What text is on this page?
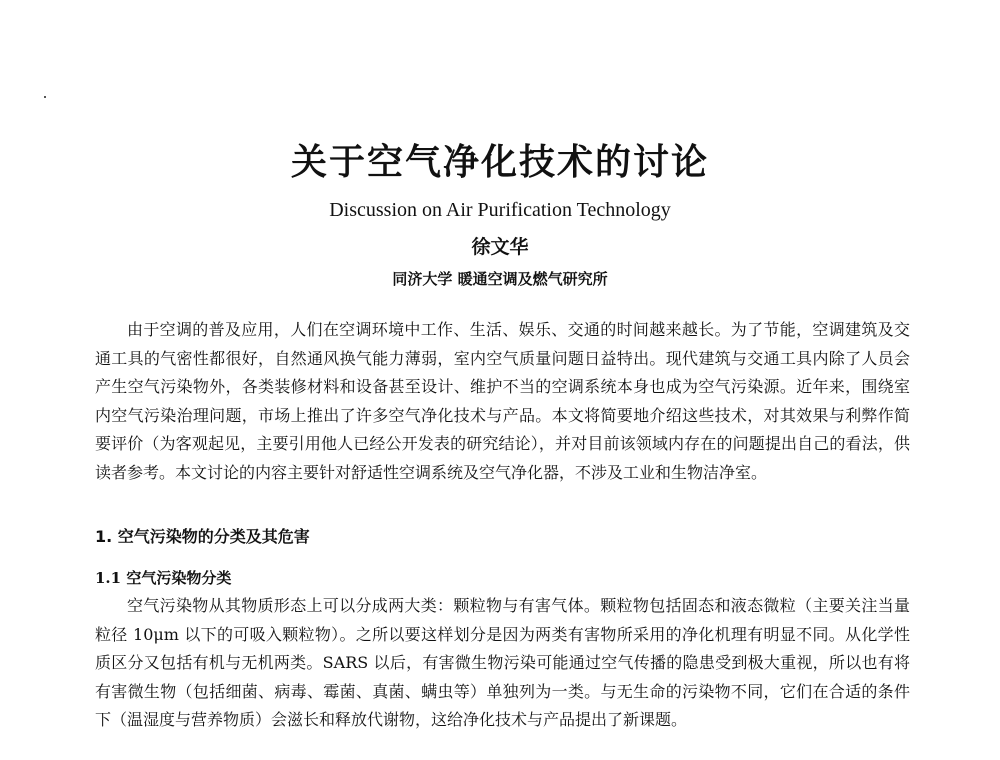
关于空气净化技术的讨论
Discussion on Air Purification Technology
徐文华
同济大学 暖通空调及燃气研究所

由于空调的普及应用，人们在空调环境中工作、生活、娱乐、交通的时间越来越长。为了节能，空调建筑及交通工具的气密性都很好，自然通风换气能力薄弱，室内空气质量问题日益特出。现代建筑与交通工具内除了人员会产生空气污染物外，各类装修材料和设备甚至设计、维护不当的空调系统本身也成为空气污染源。近年来，围绕室内空气污染治理问题，市场上推出了许多空气净化技术与产品。本文将简要地介绍这些技术，对其效果与利弊作简要评价（为客观起见，主要引用他人已经公开发表的研究结论），并对目前该领域内存在的问题提出自己的看法，供读者参考。本文讨论的内容主要针对舒适性空调系统及空气净化器，不涉及工业和生物洁净室。

1. 空气污染物的分类及其危害
1.1 空气污染物分类

空气污染物从其物质形态上可以分成两大类：颗粒物与有害气体。颗粒物包括固态和液态微粒（主要关注当量粒径 10μm 以下的可吸入颗粒物）。之所以要这样划分是因为两类有害物所采用的净化机理有明显不同。从化学性质区分又包括有机与无机两类。SARS 以后，有害微生物污染可能通过空气传播的隐患受到极大重视，所以也有将有害微生物（包括细菌、病毒、霉菌、真菌、螨虫等）单独列为一类。与无生命的污染物不同，它们在合适的条件下（温湿度与营养物质）会滋长和释放代谢物，这给净化技术与产品提出了新课题。
